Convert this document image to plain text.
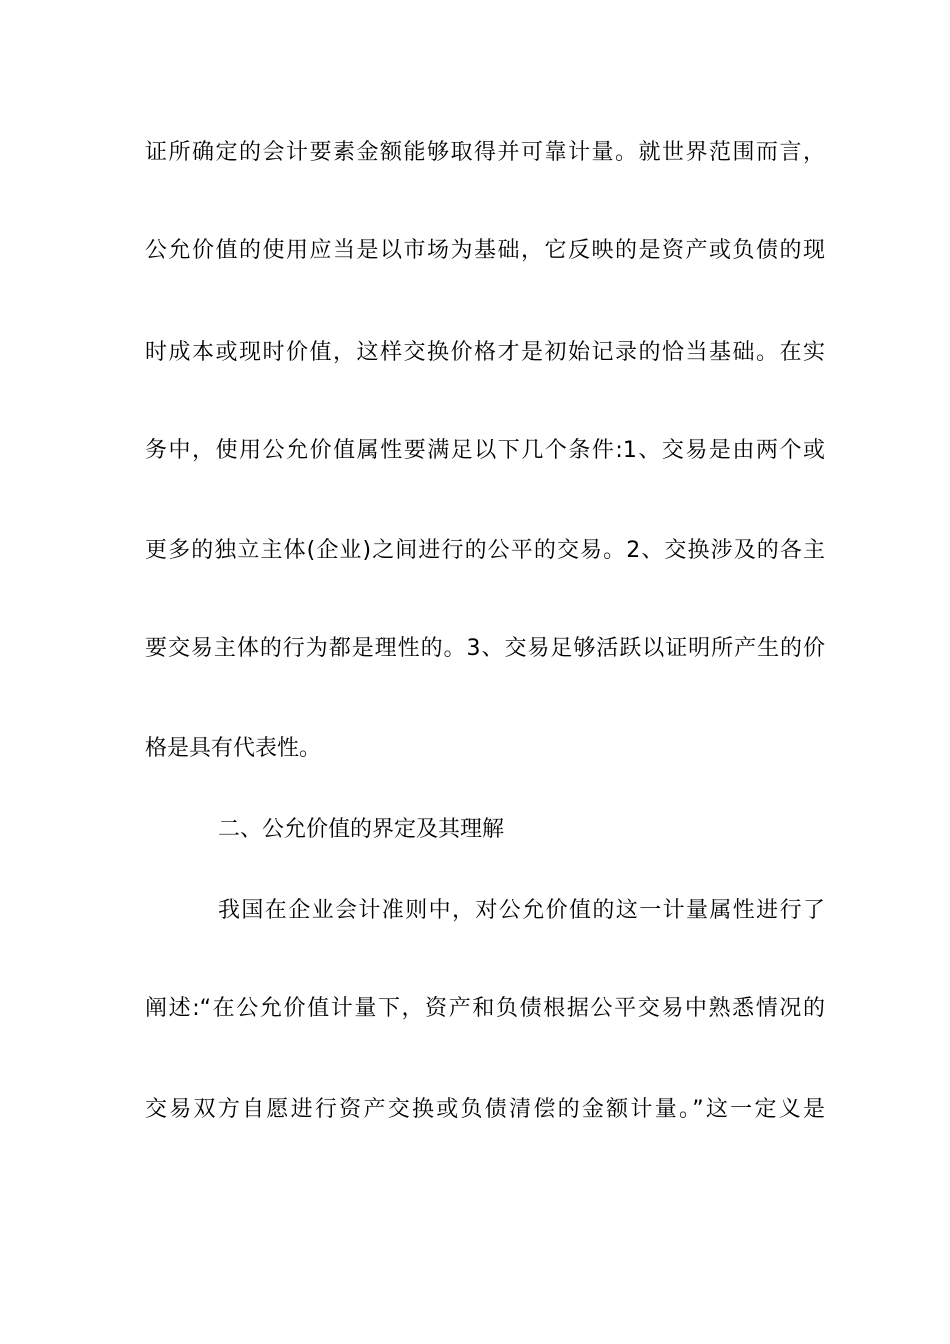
证所确定的会计要素金额能够取得并可靠计量。就世界范围而言，
公允价值的使用应当是以市场为基础，它反映的是资产或负债的现
时成本或现时价值，这样交换价格才是初始记录的恰当基础。在实
务中，使用公允价值属性要满足以下几个条件:1、交易是由两个或
更多的独立主体(企业)之间进行的公平的交易。2、交换涉及的各主
要交易主体的行为都是理性的。3、交易足够活跃以证明所产生的价
格是具有代表性。
二、公允价值的界定及其理解
我国在企业会计准则中，对公允价值的这一计量属性进行了
阐述:“在公允价值计量下，资产和负债根据公平交易中熟悉情况的
交易双方自愿进行资产交换或负债清偿的金额计量。”这一定义是
